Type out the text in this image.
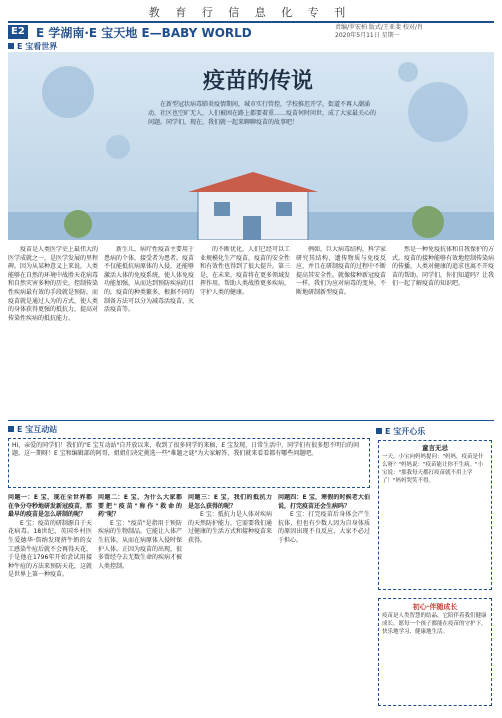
教 育 行 信 息 化 专 刊
E2 E 学湖南·E 宝天地 E—BABY WORLD	责编/罗宏柏 版式/王亚斐 校对/肖
2020年5月11日 星期一
E 宝看世界
疫苗的传说
在新型冠状病毒肺炎疫情期间，城市实行管控，学校推迟开学，街道不再人潮涌动，社区也空旷无人，人们被困在路上都要着重……疫苗何时问世，成了大家最关心的问题。同学们，现在，我们就一起来聊聊疫苗的故事吧！

疫苗是人类医学史上最伟大的医学成就之一，是医学发展的里程碑。因为从某种意义上来说，人类能够在自然的环境中战胜天花病毒和自然灾害多种的历史，控制传染性疾病最有效的手段就是预防，而疫苗就是通过人为的方式，使人类的身体获得更强的抵抗力，提高对传染性疾病的抵抗能力。

新生儿，病疗性疫苗主要用于患病的个体，接受者为患者。疫苗不仅能抵抗病原体的入侵，还能够激活人体的免疫系统，使人体免疫功能加强，从而达到预防疾病的目的。疫苗的种类繁多，根据不同的制备方法可以分为减毒活疫苗、灭活疫苗等。

的不断优化，人们已经可以工业规模化生产疫苗，疫苗的安全性和有效性也得到了很大提升。第三是，在未来，疫苗将在更多领域发挥作用，帮助人类战胜更多疾病，守护人类的健康。

例如，巨大病毒结构，科学家研究其结构、遗传物质与免疫反应，并且在研制疫苗的过程中不断提高其安全性。就像接种新冠疫苗一样，我们为应对病毒的变异，不断地研制新型疫苗。

然是一种免疫抗体和自我保护的方式。疫苗的接种能够有效地控制传染病的传播，人类对健康的追求也离不开疫苗的帮助。同学们，你们知道吗？让我们一起了解疫苗的知识吧。

E 宝互动站
Hi，亲爱的同学们！我们的"E 宝互动站"自开放以来，收到了很多同学的来稿，E 宝发现，日常生活中，同学们有很多想不明白的问题。这一期呀！E 宝和编辑部的阿哥，姐姐们决定挑选一些"难题之谜"为大家解答，我们就来看看都有哪些问题吧。
问题一：E 宝，现在全世界都在争分夺秒地研发新冠疫苗，那最早的疫苗是怎么研制的呢？

E 宝：疫苗的研制源自于天花病毒。18世纪，英国乡村医生爱德华·詹纳发现挤牛奶的女工感染牛痘后就不会再得天花，于是他在1796年开始尝试用接种牛痘的方法来预防天花，这就是世界上第一种疫苗。

问题二：E 宝，为什么大家都要把"疫苗"称作"救命的药"呢？

E 宝："疫苗"是指用于预防疾病的生物制品，它能让人体产生抗体，从而在病原体入侵时保护人体。正因为疫苗的出现，很多曾经夺去无数生命的疾病才被人类控制。

问题三：E 宝，我们的抵抗力是怎么获得的呢？

E 宝：抵抗力是人体对疾病的天然防护能力，它需要我们通过健康的生活方式和接种疫苗来获得。

问题四：E 宝，寒假的时候老大伯说，打完疫苗还会生病吗？

E 宝：打完疫苗后身体会产生抗体，但也有少数人因为自身体质的原因出现不良反应，大家不必过于担心。

E 宝开心乐
童言无忌
一天，小宝向妈妈提问："妈妈，疫苗是什么呀？"妈妈说："疫苗能让你不生病。"小宝说："那我每天都打疫苗就不用上学了！"妈妈哭笑不得。
初心·伴随成长
疫苗是人类智慧的结晶，它陪伴着我们健康成长。愿每一个孩子都能在疫苗的守护下，快乐地学习、健康地生活。
